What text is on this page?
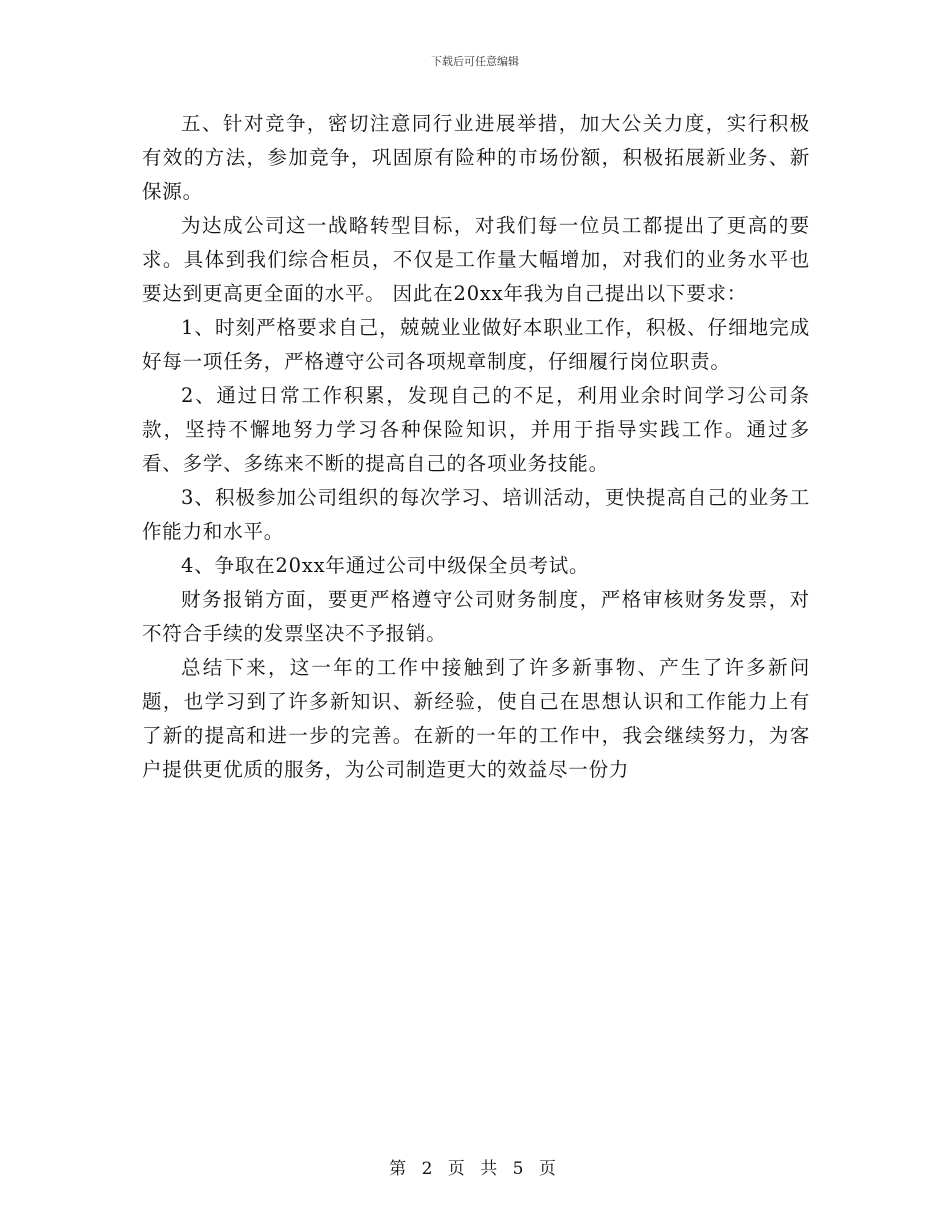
下载后可任意编辑

五、针对竞争，密切注意同行业进展举措，加大公关力度，实行积极有效的方法，参加竞争，巩固原有险种的市场份额，积极拓展新业务、新保源。

为达成公司这一战略转型目标，对我们每一位员工都提出了更高的要求。具体到我们综合柜员，不仅是工作量大幅增加，对我们的业务水平也要达到更高更全面的水平。 因此在20xx年我为自己提出以下要求：

1、时刻严格要求自己，兢兢业业做好本职业工作，积极、仔细地完成好每一项任务，严格遵守公司各项规章制度，仔细履行岗位职责。

2、通过日常工作积累，发现自己的不足，利用业余时间学习公司条款，坚持不懈地努力学习各种保险知识，并用于指导实践工作。通过多看、多学、多练来不断的提高自己的各项业务技能。

3、积极参加公司组织的每次学习、培训活动，更快提高自己的业务工作能力和水平。

4、争取在20xx年通过公司中级保全员考试。

财务报销方面，要更严格遵守公司财务制度，严格审核财务发票，对不符合手续的发票坚决不予报销。

总结下来，这一年的工作中接触到了许多新事物、产生了许多新问题，也学习到了许多新知识、新经验，使自己在思想认识和工作能力上有了新的提高和进一步的完善。在新的一年的工作中，我会继续努力，为客户提供更优质的服务，为公司制造更大的效益尽一份力

第 2 页 共 5 页
